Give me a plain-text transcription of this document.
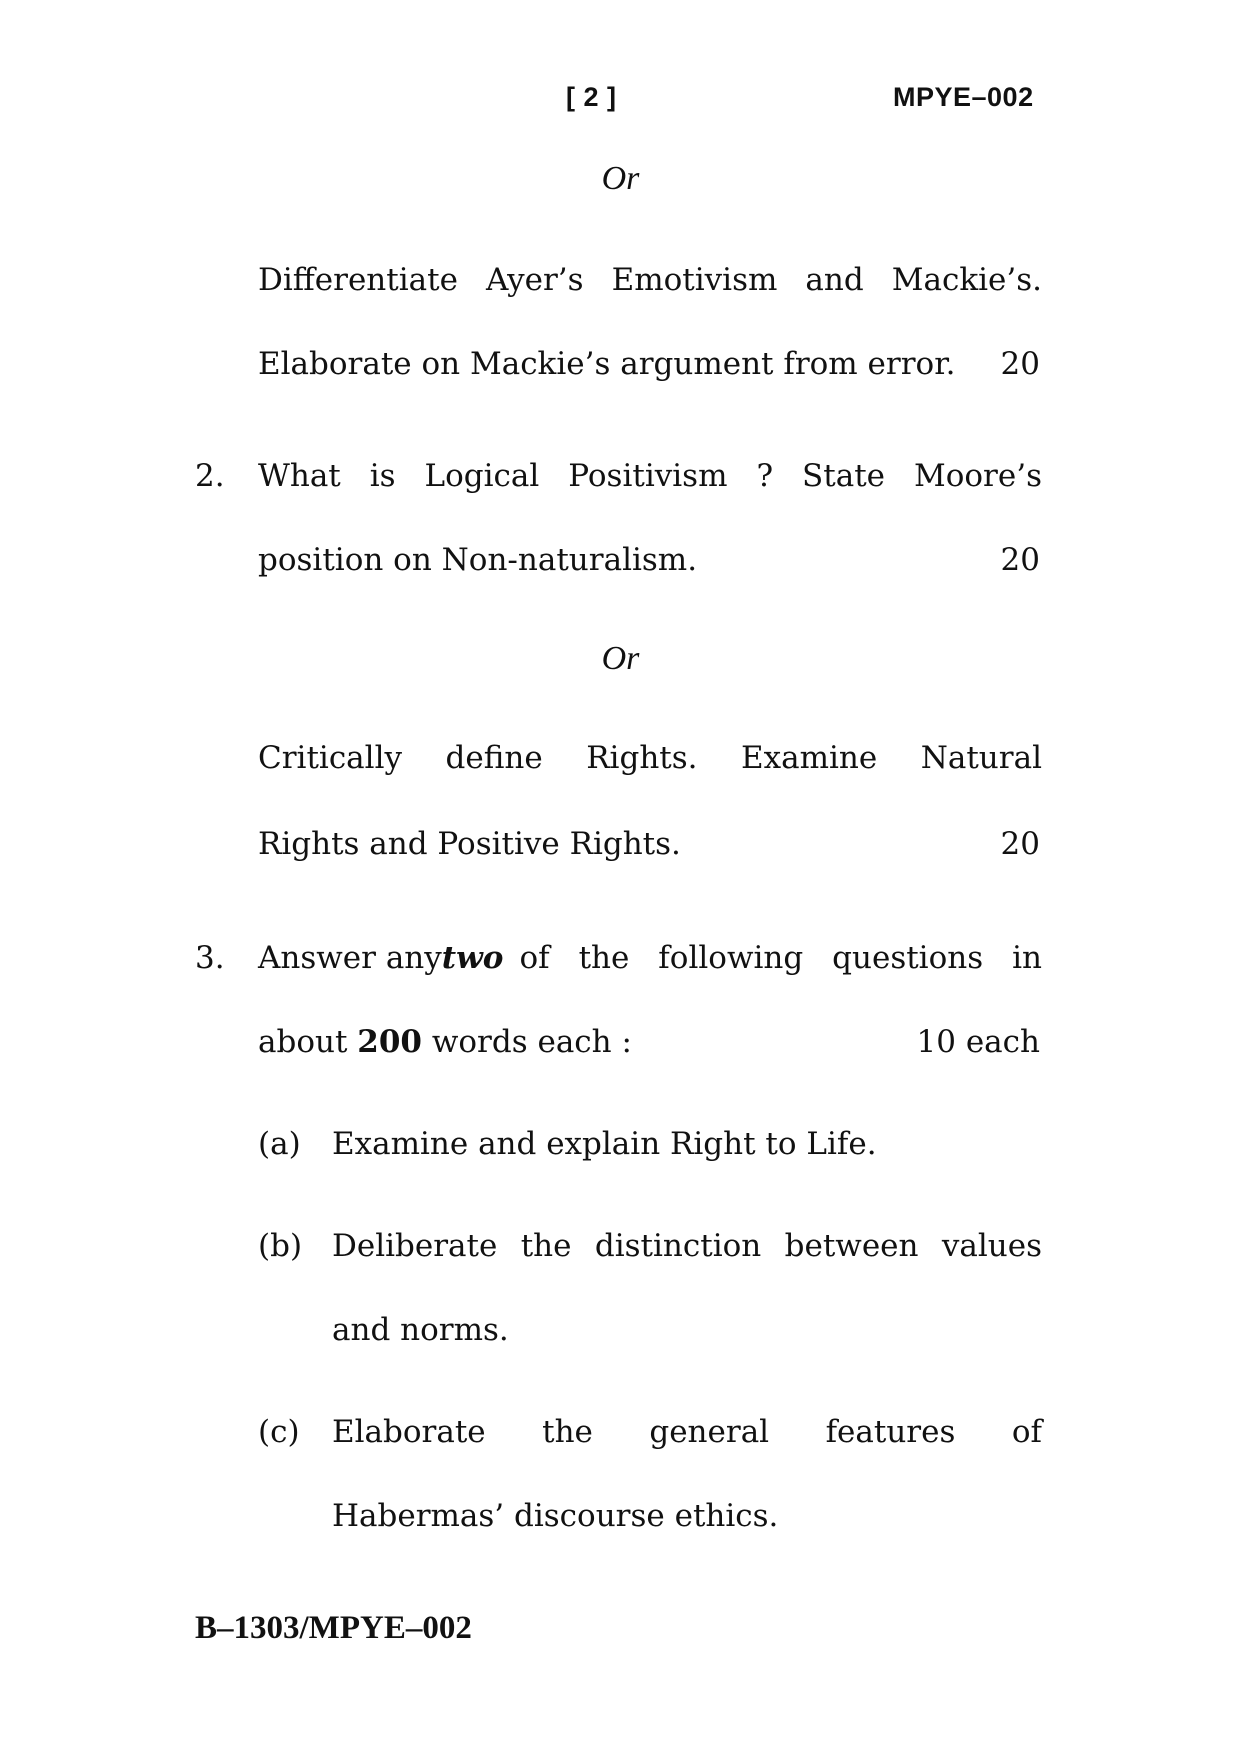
[ 2 ]	MPYE–002
Or
Differentiate Ayer’s Emotivism and Mackie’s.
Elaborate on Mackie’s argument from error.	20
2. What is Logical Positivism ? State Moore’s
position on Non-naturalism.	20
Or
Critically define Rights. Examine Natural
Rights and Positive Rights.	20
3. Answer any two of the following questions in
about 200 words each :	10 each
(a) Examine and explain Right to Life.
(b) Deliberate the distinction between values
and norms.
(c) Elaborate the general features of
Habermas’ discourse ethics.
B–1303/MPYE–002
